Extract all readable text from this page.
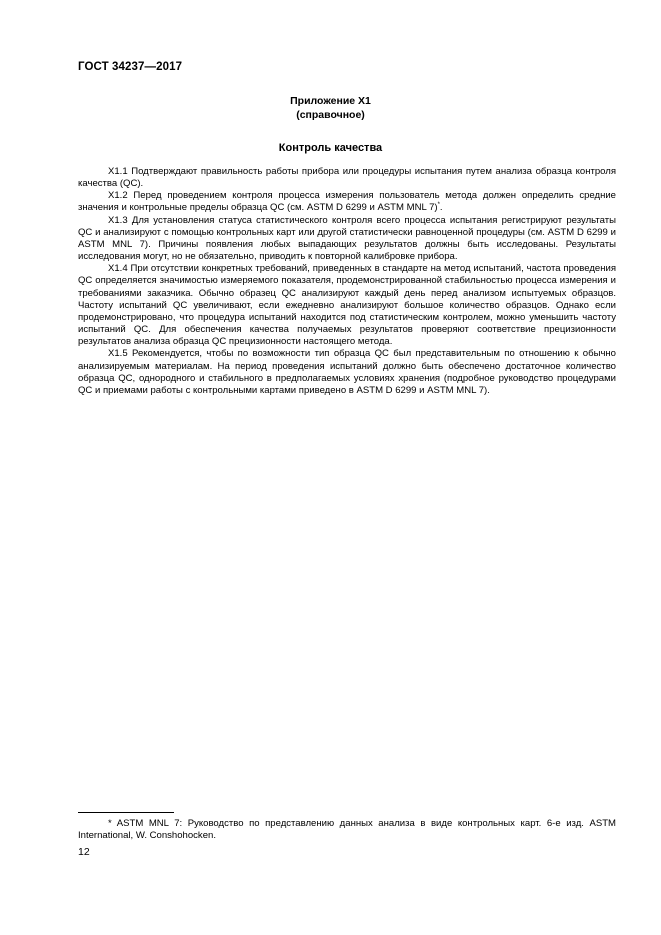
ГОСТ 34237—2017
Приложение Х1
(справочное)
Контроль качества

Х1.1 Подтверждают правильность работы прибора или процедуры испытания путем анализа образца контроля качества (QC).

Х1.2 Перед проведением контроля процесса измерения пользователь метода должен определить средние значения и контрольные пределы образца QC (см. ASTM D 6299 и ASTM MNL 7)*.

Х1.3 Для установления статуса статистического контроля всего процесса испытания регистрируют результаты QC и анализируют с помощью контрольных карт или другой статистически равноценной процедуры (см. ASTM D 6299 и ASTM MNL 7). Причины появления любых выпадающих результатов должны быть исследованы. Результаты исследования могут, но не обязательно, приводить к повторной калибровке прибора.

Х1.4 При отсутствии конкретных требований, приведенных в стандарте на метод испытаний, частота проведения QC определяется значимостью измеряемого показателя, продемонстрированной стабильностью процесса измерения и требованиями заказчика. Обычно образец QC анализируют каждый день перед анализом испытуемых образцов. Частоту испытаний QC увеличивают, если ежедневно анализируют большое количество образцов. Однако если продемонстрировано, что процедура испытаний находится под статистическим контролем, можно уменьшить частоту испытаний QC. Для обеспечения качества получаемых результатов проверяют соответствие прецизионности результатов анализа образца QC прецизионности настоящего метода.

Х1.5 Рекомендуется, чтобы по возможности тип образца QC был представительным по отношению к обычно анализируемым материалам. На период проведения испытаний должно быть обеспечено достаточное количество образца QC, однородного и стабильного в предполагаемых условиях хранения (подробное руководство процедурами QC и приемами работы с контрольными картами приведено в ASTM D 6299 и ASTM MNL 7).

* ASTM MNL 7: Руководство по представлению данных анализа в виде контрольных карт. 6-е изд. ASTM International, W. Conshohocken.
12
